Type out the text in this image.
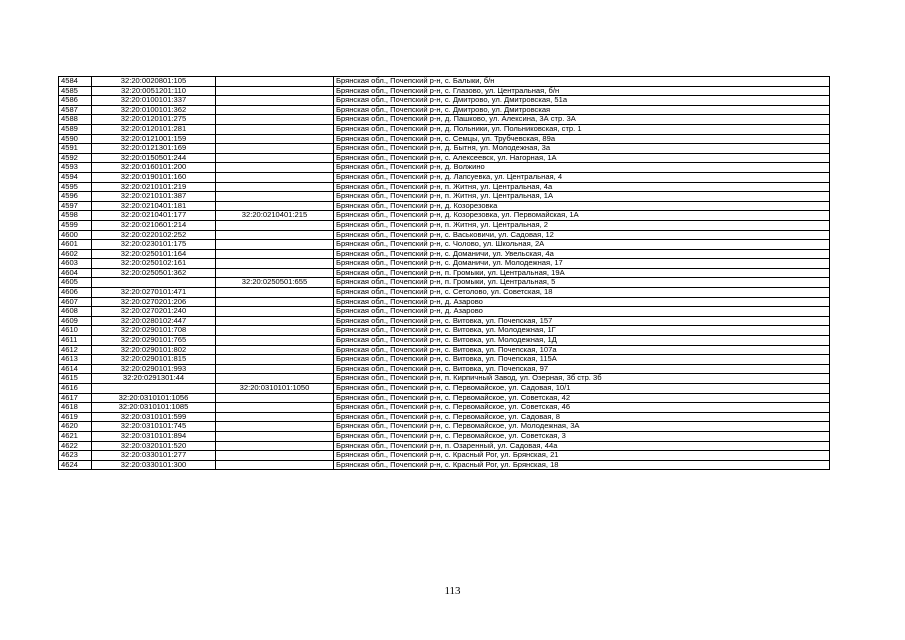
4584	32:20:0020801:105		Брянская обл., Почепский р-н, с. Балыки, б/н
4585	32:20:0051201:110		Брянская обл., Почепский р-н, с. Глазово, ул. Центральная, б/н
4586	32:20:0100101:337		Брянская обл., Почепский р-н, с. Дмитрово, ул. Дмитровская, 51а
4587	32:20:0100101:362		Брянская обл., Почепский р-н, с. Дмитрово, ул. Дмитровская
4588	32:20:0120101:275		Брянская обл., Почепский р-н, д. Пашково, ул. Алексина, 3А стр. 3А
4589	32:20:0120101:281		Брянская обл., Почепский р-н, д. Польники, ул. Польниковская, стр. 1
4590	32:20:0121001:159		Брянская обл., Почепский р-н, с. Семцы, ул. Трубчевская, 89а
4591	32:20:0121301:169		Брянская обл., Почепский р-н, д. Бытня, ул. Молодежная, 3а
4592	32:20:0150501:244		Брянская обл., Почепский р-н, с. Алексеевск, ул. Нагорная, 1А
4593	32:20:0160101:200		Брянская обл., Почепский р-н, д. Волжино
4594	32:20:0190101:160		Брянская обл., Почепский р-н, д. Лапсуевка, ул. Центральная, 4
4595	32:20:0210101:219		Брянская обл., Почепский р-н, п. Житня, ул. Центральная, 4а
4596	32:20:0210101:387		Брянская обл., Почепский р-н, п. Житня, ул. Центральная, 1А
4597	32:20:0210401:181		Брянская обл., Почепский р-н, д. Козорезовка
4598	32:20:0210401:177	32:20:0210401:215	Брянская обл., Почепский р-н, д. Козорезовка, ул. Первомайская, 1А
4599	32:20:0210601:214		Брянская обл., Почепский р-н, п. Житня, ул. Центральная, 2
4600	32:20:0220102:252		Брянская обл., Почепский р-н, с. Васьковичи, ул. Садовая, 12
4601	32:20:0230101:175		Брянская обл., Почепский р-н, с. Чолово, ул. Школьная, 2А
4602	32:20:0250101:164		Брянская обл., Почепский р-н, с. Доманичи, ул. Увельская, 4а
4603	32:20:0250102:161		Брянская обл., Почепский р-н, с. Доманичи, ул. Молодежная, 17
4604	32:20:0250501:362		Брянская обл., Почепский р-н, п. Громыки, ул. Центральная, 19А
4605		32:20:0250501:655	Брянская обл., Почепский р-н, п. Громыки, ул. Центральная, 5
4606	32:20:0270101:471		Брянская обл., Почепский р-н, с. Сетолово, ул. Советская, 18
4607	32:20:0270201:206		Брянская обл., Почепский р-н, д. Азарово
4608	32:20:0270201:240		Брянская обл., Почепский р-н, д. Азарово
4609	32:20:0280102:447		Брянская обл., Почепский р-н, с. Витовка, ул. Почепская, 157
4610	32:20:0290101:708		Брянская обл., Почепский р-н, с. Витовка, ул. Молодежная, 1Г
4611	32:20:0290101:765		Брянская обл., Почепский р-н, с. Витовка, ул. Молодежная, 1Д
4612	32:20:0290101:802		Брянская обл., Почепский р-н, с. Витовка, ул. Почепская, 107а
4613	32:20:0290101:815		Брянская обл., Почепский р-н, с. Витовка, ул. Почепская, 115А
4614	32:20:0290101:993		Брянская обл., Почепский р-н, с. Витовка, ул. Почепская, 97
4615	32:20:0291301:44		Брянская обл., Почепский р-н, п. Кирпичный Завод, ул. Озерная, 3б стр. 3б
4616		32:20:0310101:1050	Брянская обл., Почепский р-н, с. Первомайское, ул. Садовая, 10/1
4617	32:20:0310101:1056		Брянская обл., Почепский р-н, с. Первомайское, ул. Советская, 42
4618	32:20:0310101:1085		Брянская обл., Почепский р-н, с. Первомайское, ул. Советская, 46
4619	32:20:0310101:599		Брянская обл., Почепский р-н, с. Первомайское, ул. Садовая, 8
4620	32:20:0310101:745		Брянская обл., Почепский р-н, с. Первомайское, ул. Молодежная, 3А
4621	32:20:0310101:894		Брянская обл., Почепский р-н, с. Первомайское, ул. Советская, 3
4622	32:20:0320101:520		Брянская обл., Почепский р-н, п. Озаренный, ул. Садовая, 44а
4623	32:20:0330101:277		Брянская обл., Почепский р-н, с. Красный Рог, ул. Брянская, 21
4624	32:20:0330101:300		Брянская обл., Почепский р-н, с. Красный Рог, ул. Брянская, 18
113
